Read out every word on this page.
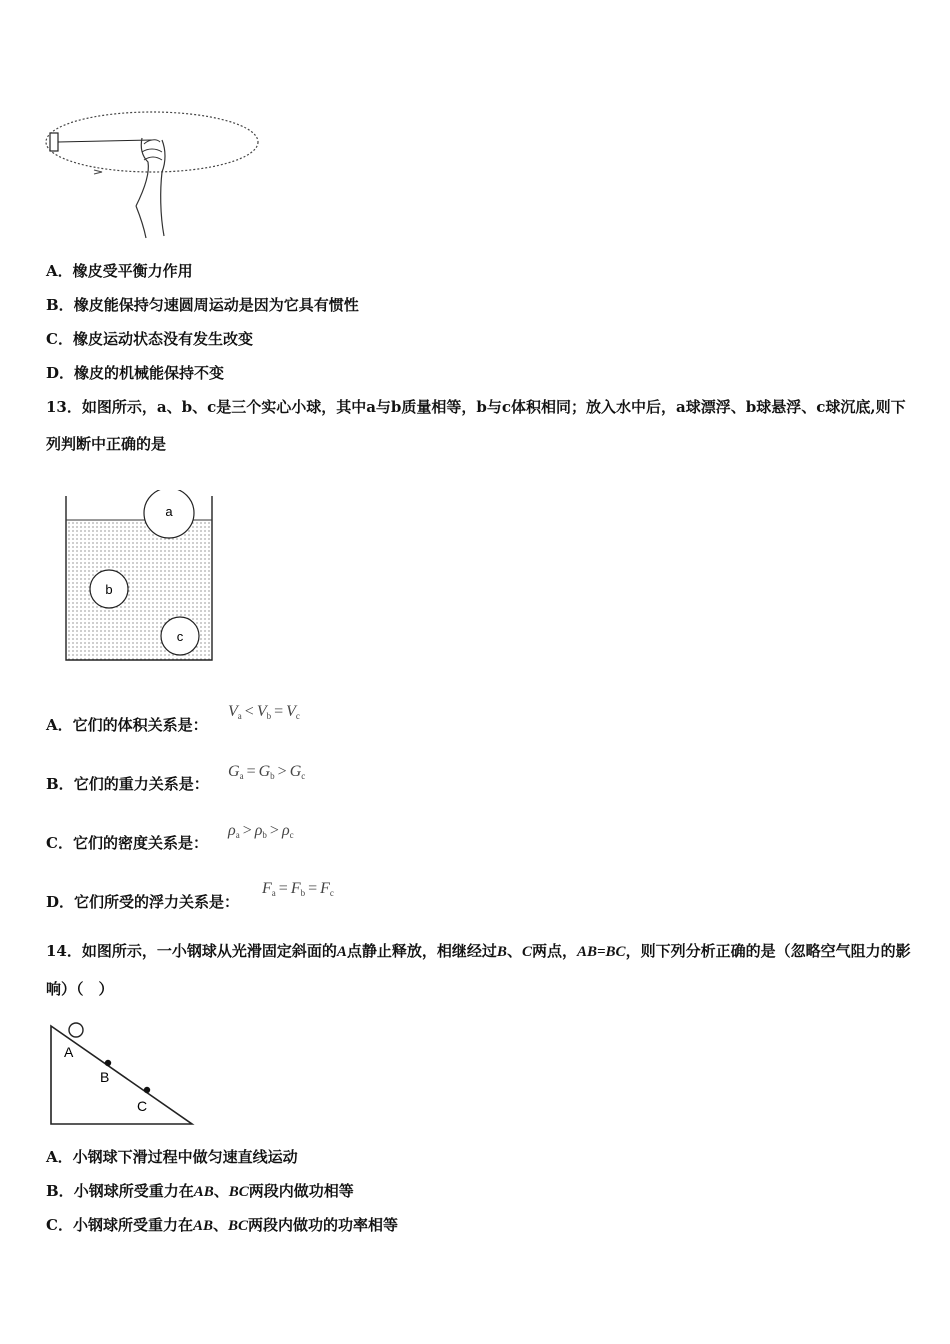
A．橡皮受平衡力作用
B．橡皮能保持匀速圆周运动是因为它具有惯性
C．橡皮运动状态没有发生改变
D．橡皮的机械能保持不变
13．如图所示，a、b、c是三个实心小球，其中a与b质量相等，b与c体积相同；放入水中后，a球漂浮、b球悬浮、c球沉底,则下列判断中正确的是
a
b
c
A．它们的体积关系是：
$V_a < V_b = V_c$
B．它们的重力关系是：
$G_a = G_b > G_c$
C．它们的密度关系是：
$\rho_a > \rho_b > \rho_c$
D．它们所受的浮力关系是：
$F_a = F_b = F_c$
14．如图所示，一小钢球从光滑固定斜面的A点静止释放，相继经过B、C两点，AB=BC，则下列分析正确的是（忽略空气阻力的影响）（　）
A
B
C
A．小钢球下滑过程中做匀速直线运动
B．小钢球所受重力在AB、BC两段内做功相等
C．小钢球所受重力在AB、BC两段内做功的功率相等
